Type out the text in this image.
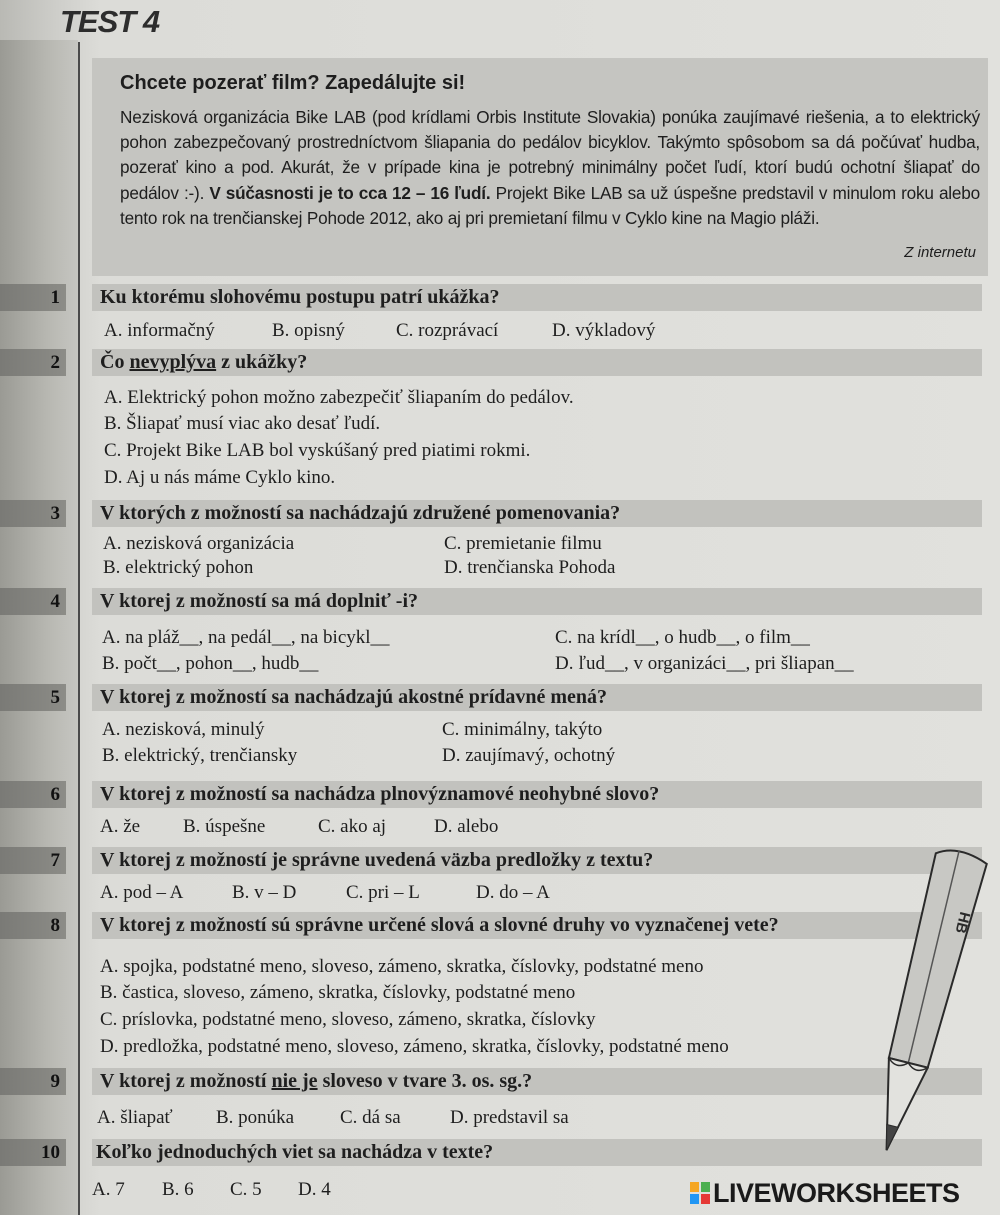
TEST 4
Chcete pozerať film? Zapedálujte si!
Nezisková organizácia Bike LAB (pod krídlami Orbis Institute Slovakia) ponúka zaujímavé riešenia, a to elektrický pohon zabezpečovaný prostredníctvom šliapania do pedálov bicyklov. Takýmto spôsobom sa dá počúvať hudba, pozerať kino a pod. Akurát, že v prípade kina je potrebný minimálny počet ľudí, ktorí budú ochotní šliapať do pedálov :-). V súčasnosti je to cca 12 – 16 ľudí. Projekt Bike LAB sa už úspešne predstavil v minulom roku alebo tento rok na trenčianskej Pohode 2012, ako aj pri premietaní filmu v Cyklo kine na Magio pláži.
Z internetu
1	Ku ktorému slohovému postupu patrí ukážka?
A. informačný	B. opisný	C. rozprávací	D. výkladový
2	Čo nevyplýva z ukážky?
A. Elektrický pohon možno zabezpečiť šliapaním do pedálov.
B. Šliapať musí viac ako desať ľudí.
C. Projekt Bike LAB bol vyskúšaný pred piatimi rokmi.
D. Aj u nás máme Cyklo kino.
3	V ktorých z možností sa nachádzajú združené pomenovania?
A. nezisková organizácia
B. elektrický pohon
C. premietanie filmu
D. trenčianska Pohoda
4	V ktorej z možností sa má doplniť -i?
A. na pláž__, na pedál__, na bicykl__
B. počt__, pohon__, hudb__
C. na krídl__, o hudb__, o film__
D. ľud__, v organizáci__, pri šliapan__
5	V ktorej z možností sa nachádzajú akostné prídavné mená?
A. nezisková, minulý
B. elektrický, trenčiansky
C. minimálny, takýto
D. zaujímavý, ochotný
6	V ktorej z možností sa nachádza plnovýznamové neohybné slovo?
A. že B. úspešne	C. ako aj	D. alebo
7	V ktorej z možností je správne uvedená väzba predložky z textu?
A. pod – A	B. v – D	C. pri – L	D. do – A
8	V ktorej z možností sú správne určené slová a slovné druhy vo vyznačenej vete?
A. spojka, podstatné meno, sloveso, zámeno, skratka, číslovky, podstatné meno
B. častica, sloveso, zámeno, skratka, číslovky, podstatné meno
C. príslovka, podstatné meno, sloveso, zámeno, skratka, číslovky
D. predložka, podstatné meno, sloveso, zámeno, skratka, číslovky, podstatné meno
9	V ktorej z možností nie je sloveso v tvare 3. os. sg.?
A. šliapať B. ponúka C. dá sa	D. predstavil sa
10	Koľko jednoduchých viet sa nachádza v texte?
A. 7 B. 6 C. 5 D. 4
HB
LIVEWORKSHEETS
